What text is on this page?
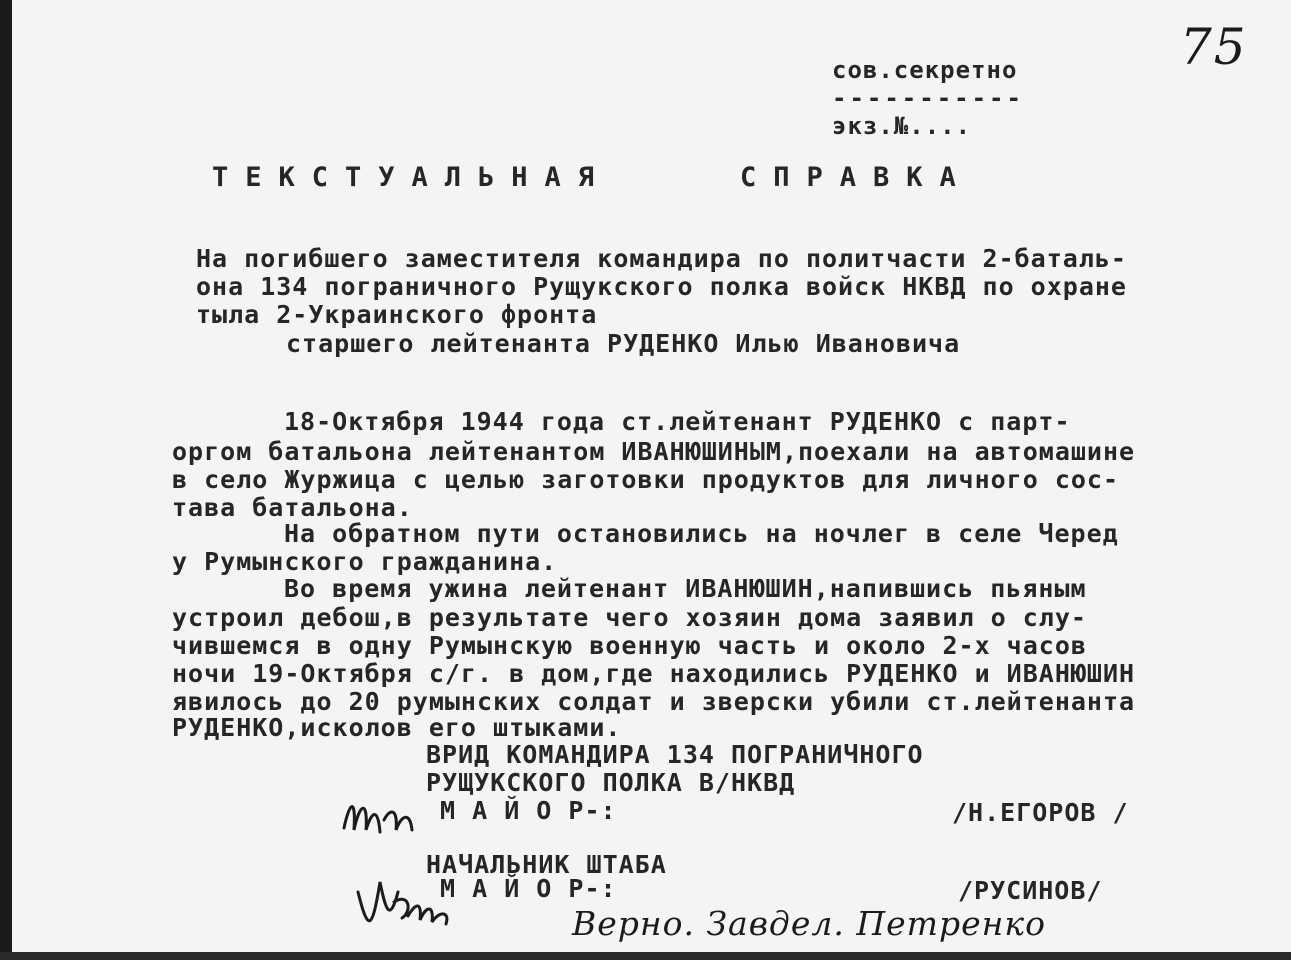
75
сов.секретно
-----------
экз.№....
ТЕКСТУАЛЬНАЯ	СПРАВКА
На погибшего заместителя командира по политчасти 2-баталь-
она 134 пограничного Рущукского полка войск НКВД по охране
тыла 2-Украинского фронта
старшего лейтенанта РУДЕНКО Илью Ивановича
18-Октября 1944 года ст.лейтенант РУДЕНКО с парт-
оргом батальона лейтенантом ИВАНЮШИНЫМ,поехали на автомашине
в село Журжица с целью заготовки продуктов для личного сос-
тава батальона.
На обратном пути остановились на ночлег в селе Черед
у Румынского гражданина.
Во время ужина лейтенант ИВАНЮШИН,напившись пьяным
устроил дебош,в результате чего хозяин дома заявил о слу-
чившемся в одну Румынскую военную часть и около 2-х часов
ночи 19-Октября с/г. в дом,где находились РУДЕНКО и ИВАНЮШИН
явилось до 20 румынских солдат и зверски убили ст.лейтенанта
РУДЕНКО,исколов его штыками.
ВРИД КОМАНДИРА 134 ПОГРАНИЧНОГО
РУЩУКСКОГО ПОЛКА В/НКВД
М А Й О Р-:	/Н.ЕГОРОВ /
НАЧАЛЬНИК ШТАБА
М А Й О Р-:	/РУСИНОВ/
Верно. Завдел. Петренко
